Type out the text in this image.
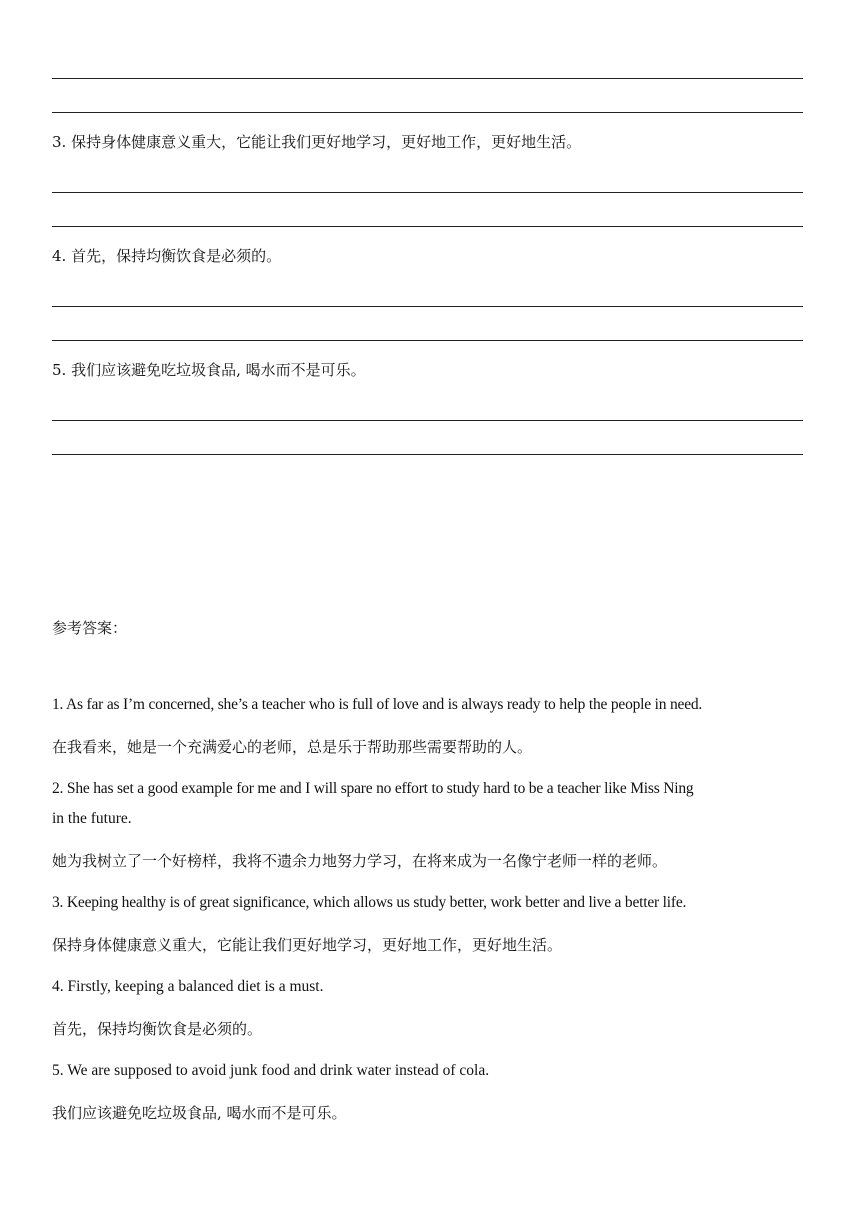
3. 保持身体健康意义重大，它能让我们更好地学习，更好地工作，更好地生活。
4. 首先，保持均衡饮食是必须的。
5. 我们应该避免吃垃圾食品, 喝水而不是可乐。
参考答案：
1. As far as I’m concerned, she’s a teacher who is full of love and is always ready to help the people in need.
在我看来，她是一个充满爱心的老师，总是乐于帮助那些需要帮助的人。
2. She has set a good example for me and I will spare no effort to study hard to be a teacher like Miss Ning
in the future.
她为我树立了一个好榜样，我将不遗余力地努力学习，在将来成为一名像宁老师一样的老师。
3. Keeping healthy is of great significance, which allows us study better, work better and live a better life.
保持身体健康意义重大，它能让我们更好地学习，更好地工作，更好地生活。
4. Firstly, keeping a balanced diet is a must.
首先，保持均衡饮食是必须的。
5. We are supposed to avoid junk food and drink water instead of cola.
我们应该避免吃垃圾食品, 喝水而不是可乐。
